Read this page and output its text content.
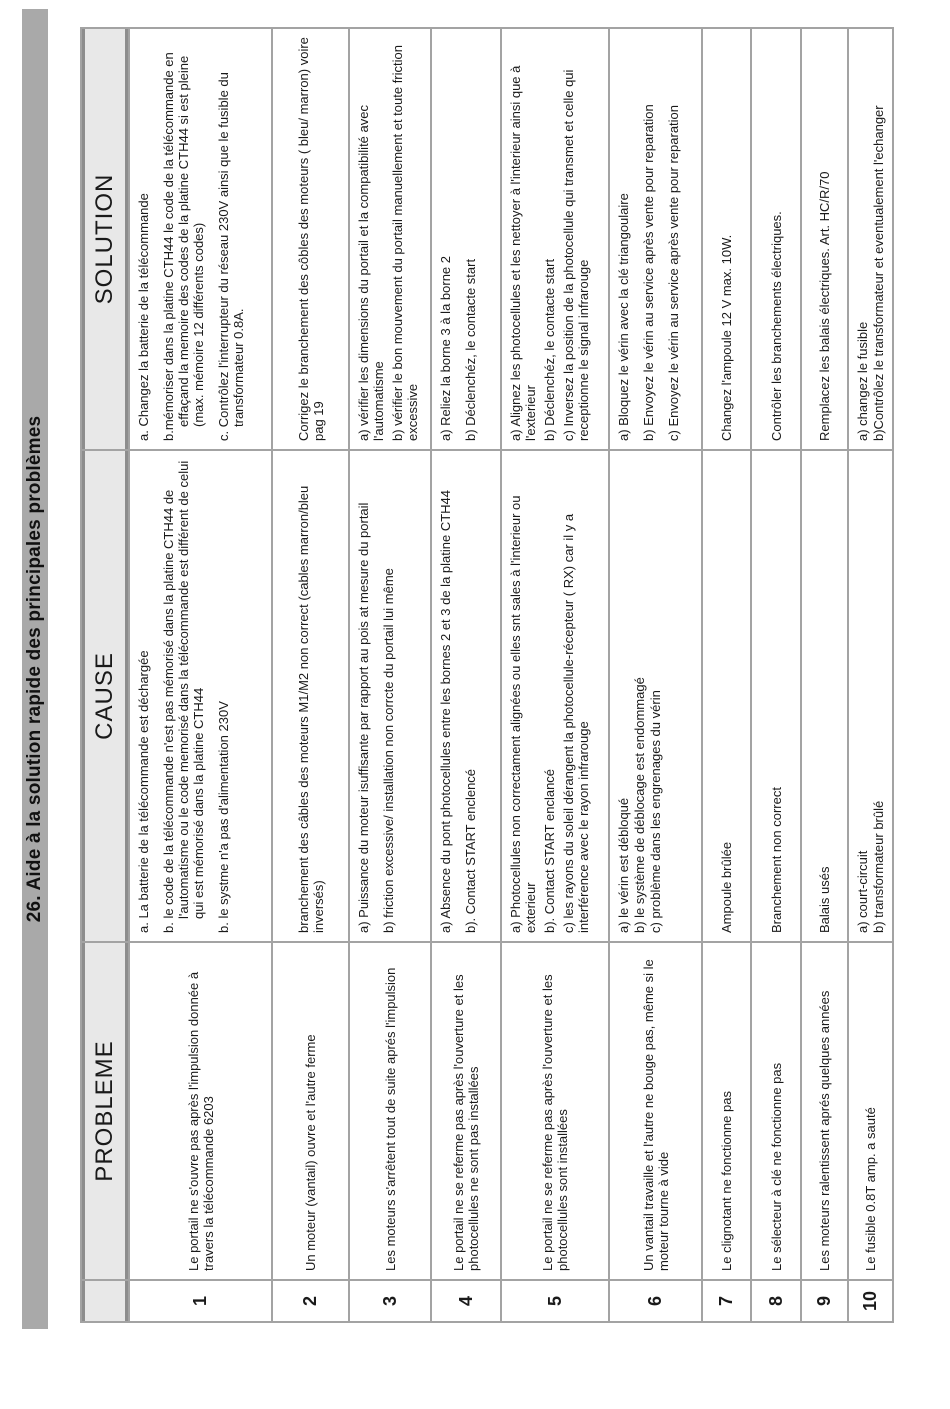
26. Aide à la solution rapide des principales problèmes
PROBLEME
CAUSE
SOLUTION
1

Le portail ne s'ouvre pas après l'impulsion donnée à travers la télécommande 6203

a. La batterie de la télécommande est déchargée b. le code de la télécommande n'est pas mémorisé dans la platine CTH44 de l'automatisme ou le code memorisé dans la télécommande est différent de celui qui est mémorisé dans la platine CTH44 b. le systme n'a pas d'alimentation 230V

a. Changez la batterie de la télécommande b.mémoriser dans la platine CTH44 le code de la télécommande en effaçand la memoire des codes de la platine CTH44 si est pleine (max. mémoire 12 différents codes) c. Contrôlez l'interrupteur du réseau 230V ainsi que le fusible du transformateur 0.8A.

2

Un moteur (vantail) ouvre et l'autre ferme

branchement des câbles des moteurs M1/M2 non correct (cables marron/bleu inversés)

Corrigez le branchement des côbles des moteurs ( bleu/ marron) voire pag 19

3

Les moteurs s'arrêtent tout de suite aprés l'impulsion

a) Puissance du moteur isuffisante par rapport au pois at mesure du portail b) friction excessive/ installation non corrcte du portail lui même

a) vérifier les dimensions du portail et la compatibilité avec l'automatisme b) vérifier le bon mouvement du portail manuellement et toute friction excessive

4

Le portail ne se referme pas après l'ouverture et les photocellules ne sont pas installées

a) Absence du pont photocellules entre les bornes 2 et 3 de la platine CTH44 b). Contact START enclencé

a) Reliez la borne 3 à la borne 2 b) Déclenchéz, le contacte start

5

Le portail ne se referme pas après l'ouverture et les photocellules sont installées

a) Photocellules non correctament alignées ou elles snt sales à l'interieur ou exterieur b). Contact START enclancé c) les rayons du soleil dérangent la photocellule-récepteur ( RX) car il y a interférence avec le rayon infrarouge

a) Alignez les photocellules et les nettoyer à l'interieur ainsi que à l'exterieur b) Déclenchéz, le contacte start c) Inversez la position de la photocellule qui transmet et celle qui receptionne le signal infrarouge

6

Un vantail travaille et l'autre ne bouge pas, même si le moteur tourne à vide

a) le vérin est débloqué b) le système de déblocage est endommagé c) problème dans les engrenages du vérin

a) Bloquez le vérin avec la clé triangoulaire b) Envoyez le vérin au service après vente pour reparation c) Envoyez le vérin au service après vente pour reparation

7

Le clignotant ne fonctionne pas

Ampoule brûlée

Changez l'ampoule 12 V max. 10W.

8

Le sélecteur à clé ne fonctionne pas

Branchement non correct

Contrôler les branchements électriques.

9

Les moteurs ralentissent aprés quelques années

Balais usés

Remplacez les balais électriques. Art. HC/R/70

10

Le fusible 0.8T amp. a sauté

a) court-circuit b) transformateur brûlé

a) changez le fusible b)Contrôlez le transformateur et eventualement l'echanger
